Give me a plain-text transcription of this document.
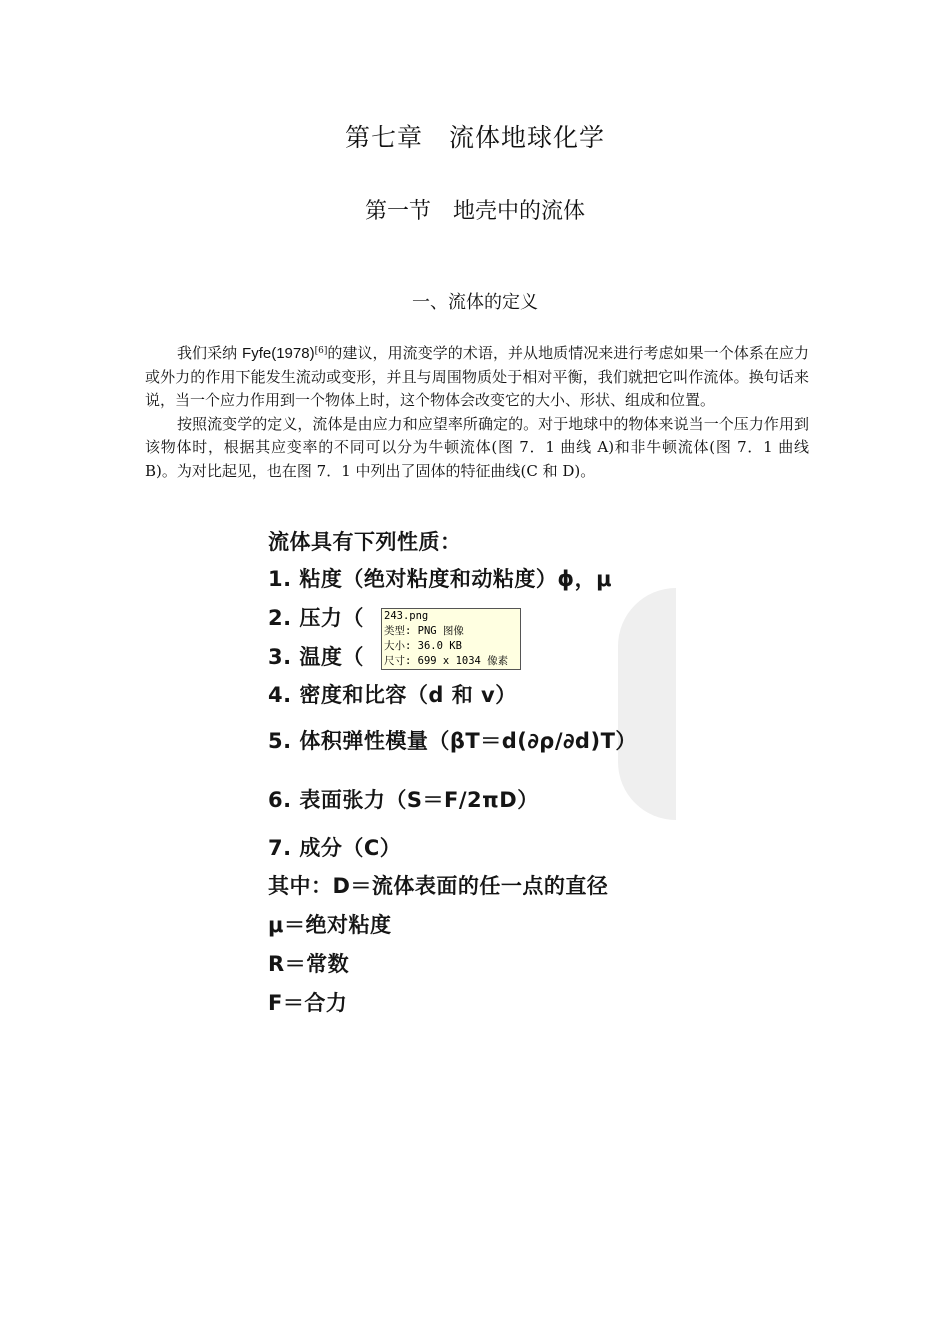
第七章　流体地球化学
第一节　地壳中的流体
一、流体的定义

我们采纳 Fyfe(1978)[6]的建议，用流变学的术语，并从地质情况来进行考虑如果一个体系在应力或外力的作用下能发生流动或变形，并且与周围物质处于相对平衡，我们就把它叫作流体。换句话来说，当一个应力作用到一个物体上时，这个物体会改变它的大小、形状、组成和位置。

按照流变学的定义，流体是由应力和应望率所确定的。对于地球中的物体来说当一个压力作用到该物体时，根据其应变率的不同可以分为牛顿流体(图 7．1 曲线 A)和非牛顿流体(图 7．1 曲线 B)。为对比起见，也在图 7．1 中列出了固体的特征曲线(C 和 D)。

流体具有下列性质：
1. 粘度（绝对粘度和动粘度）ϕ，μ
2. 压力（
3. 温度（
4. 密度和比容（d 和 v）
5. 体积弹性模量（βT＝d(∂ρ/∂d)T）
6. 表面张力（S＝F/2πD）
7. 成分（C）
其中：D＝流体表面的任一点的直径
μ＝绝对粘度
R＝常数
F＝合力
243.png
类型: PNG 图像
大小: 36.0 KB
尺寸: 699 x 1034 像素
